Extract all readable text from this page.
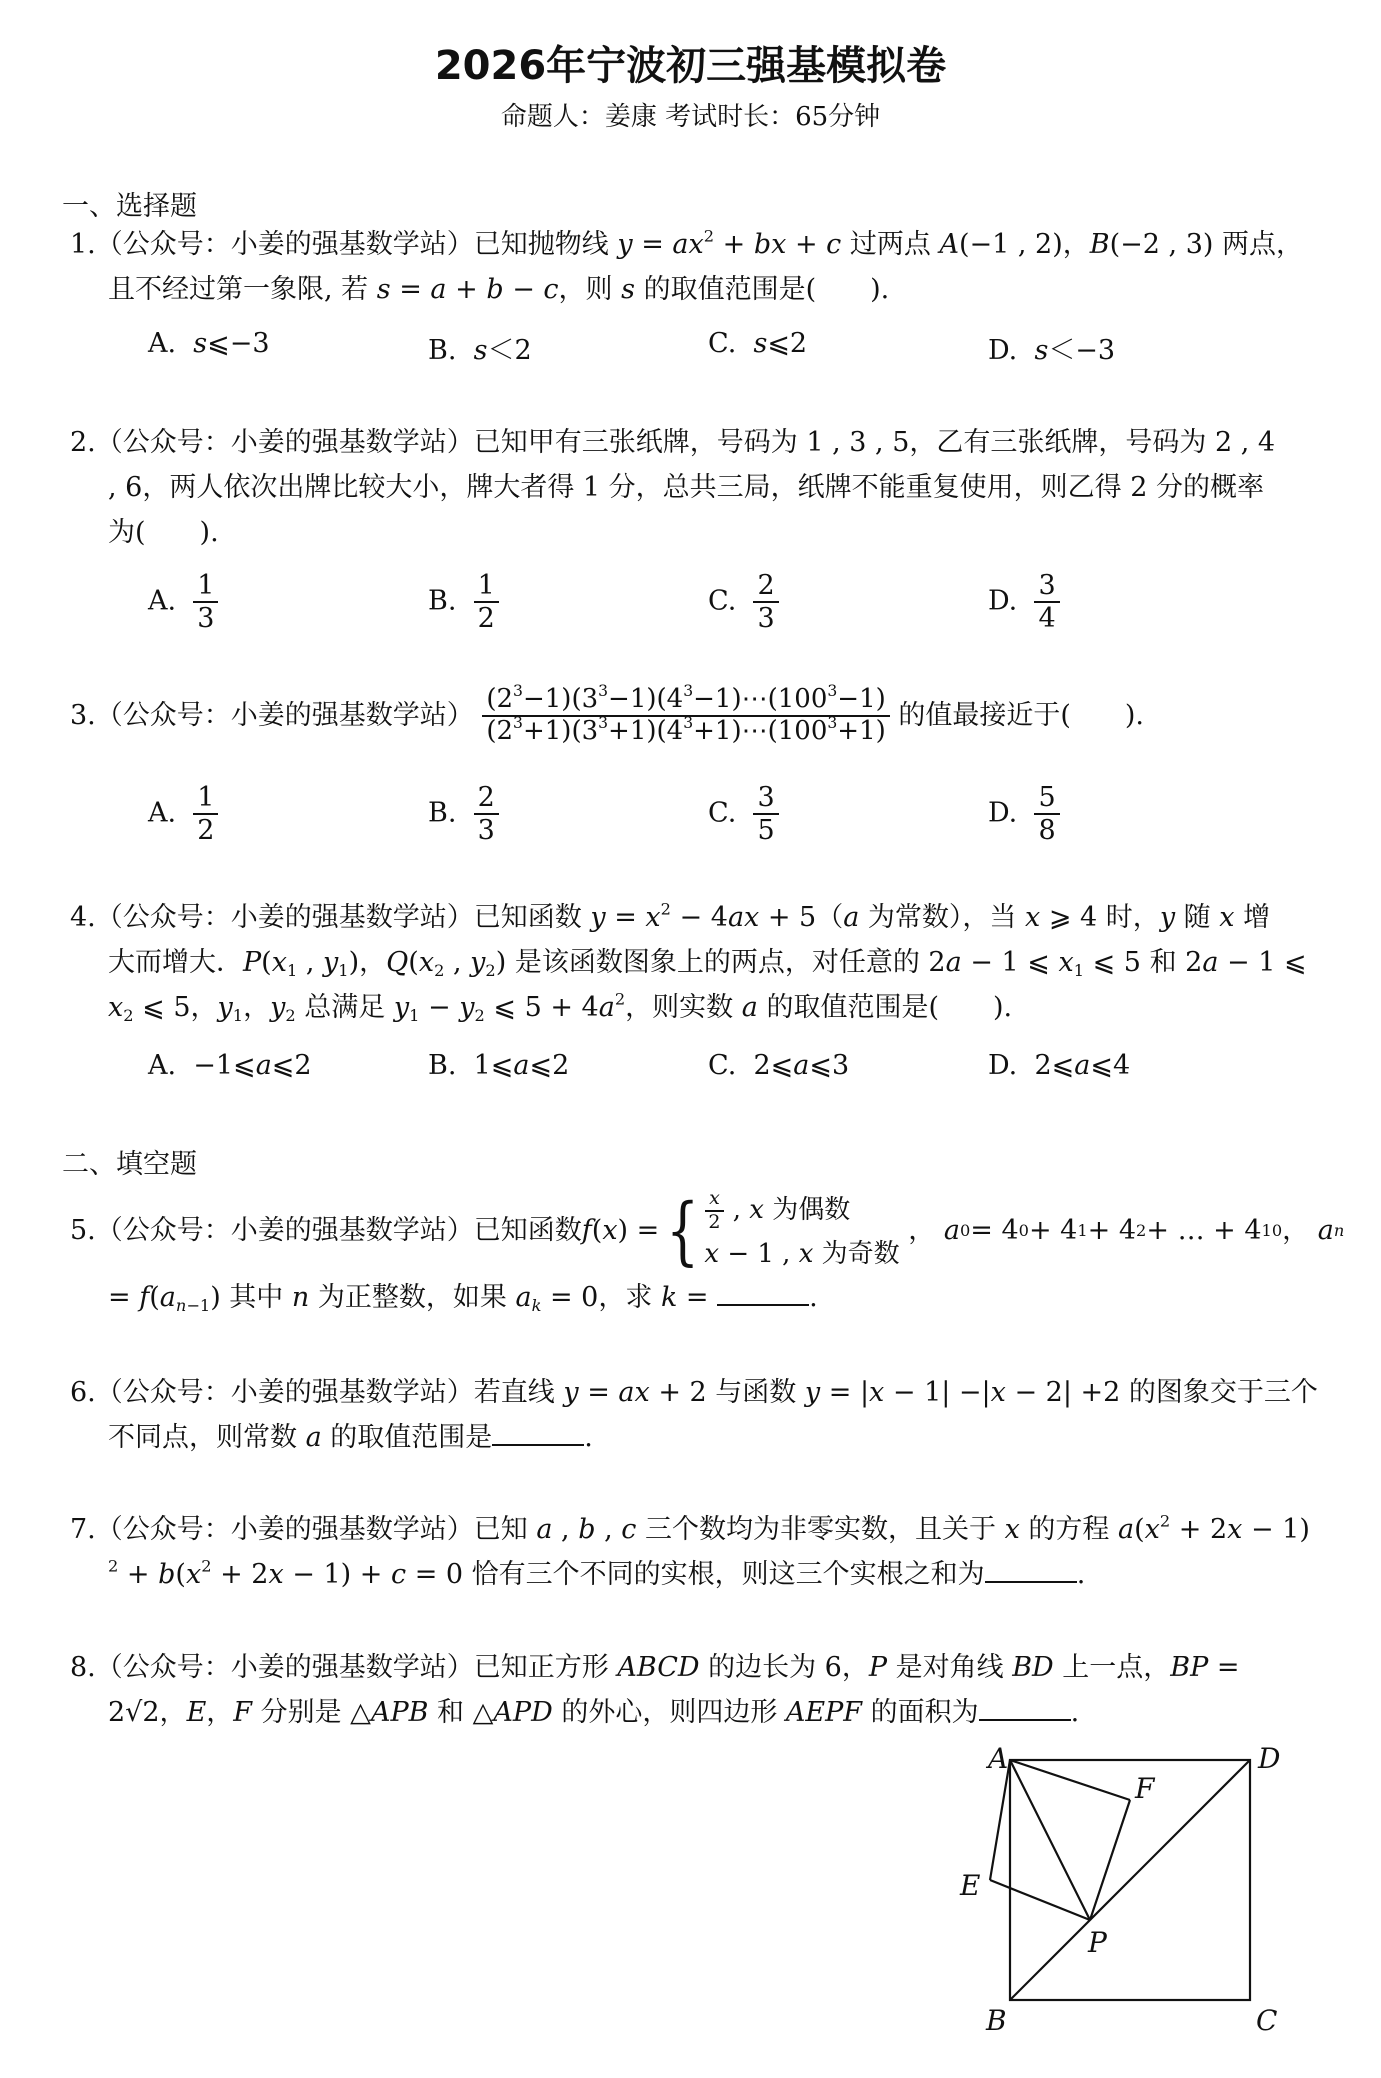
2026年宁波初三强基模拟卷
命题人：姜康 考试时长：65分钟
一、选择题
1.（公众号：小姜的强基数学站）已知抛物线 $y = ax^2$ + bx + c 过两点 A(−1 , 2)，B(−2 , 3) 两点，
且不经过第一象限, 若 s = a + b − c，则 s 的取值范围是(　　).
A. s⩽−3	B. s＜2	C. s⩽2	D. s＜−3
2.（公众号：小姜的强基数学站）已知甲有三张纸牌，号码为 1 , 3 , 5，乙有三张纸牌，号码为 2 , 4
, 6，两人依次出牌比较大小，牌大者得 1 分，总共三局，纸牌不能重复使用，则乙得 2 分的概率
为(　　).
A. $\frac{1}{3}$	B. $\frac{1}{2}$	C. $\frac{2}{3}$	D. $\frac{3}{4}$
3. （公众号：小姜的强基数学站）
$\frac{(2^3-1)(3^3-1)(4^3-1)\cdots(100^3-1)}{(2^3+1)(3^3+1)(4^3+1)\cdots(100^3+1)}$ 的值最接近于(　　).
A. $\frac{1}{2}$	B. $\frac{2}{3}$	C. $\frac{3}{5}$	D. $\frac{5}{8}$
4.（公众号：小姜的强基数学站）已知函数 $y = x^2 - 4ax + 5(a$ 为常数），当 x ⩾ 4 时，y 随 x 增
大而增大．$P(x_1$ , $y_1$)，$Q(x_2$ , $y_2$) 是该函数图象上的两点，对任意的 2a − 1 ⩽ $x_1$ ⩽ 5 和 2a − 1 ⩽
$x_2$ ⩽ 5，$y_1$，$y_2$ 总满足 $y_1 - y_2$ ⩽ $5 + 4a^2$，则实数 a 的取值范围是(　　).
A.  −1⩽a⩽2	B.  1⩽a⩽2	C.  2⩽a⩽3	D.  2⩽a⩽4
二、填空题
5. （公众号：小姜的强基数学站） 已知函数 f ( x ) = { $\frac{x}{2}$ , x 为偶数
x − 1 , x 为奇数
， a 0 = 4 0 + 4 1 + 4 2 + … + 4 10 ， a n
= $f(a_{n-1})$ 其中 n 为正整数，如果 $a_k = 0$，求 k =	.
6.（公众号：小姜的强基数学站）若直线 y = ax + 2 与函数 y = |x − 1| −|x − 2| +2 的图象交于三个
不同点，则常数 a 的取值范围是	.
7.（公众号：小姜的强基数学站）已知 a , b , c 三个数均为非零实数，且关于 x 的方程 $a(x^2 + 2x - 1)$
$^2 + b(x^2 + 2x - 1) + c = 0$ 恰有三个不同的实根，则这三个实根之和为	.
8.（公众号：小姜的强基数学站）已知正方形 ABCD 的边长为 6，P 是对角线 BD 上一点，BP =
2√2，E，F 分别是 △APB 和 △APD 的外心，则四边形 AEPF 的面积为	.
A	D
B	C
E
F
P
